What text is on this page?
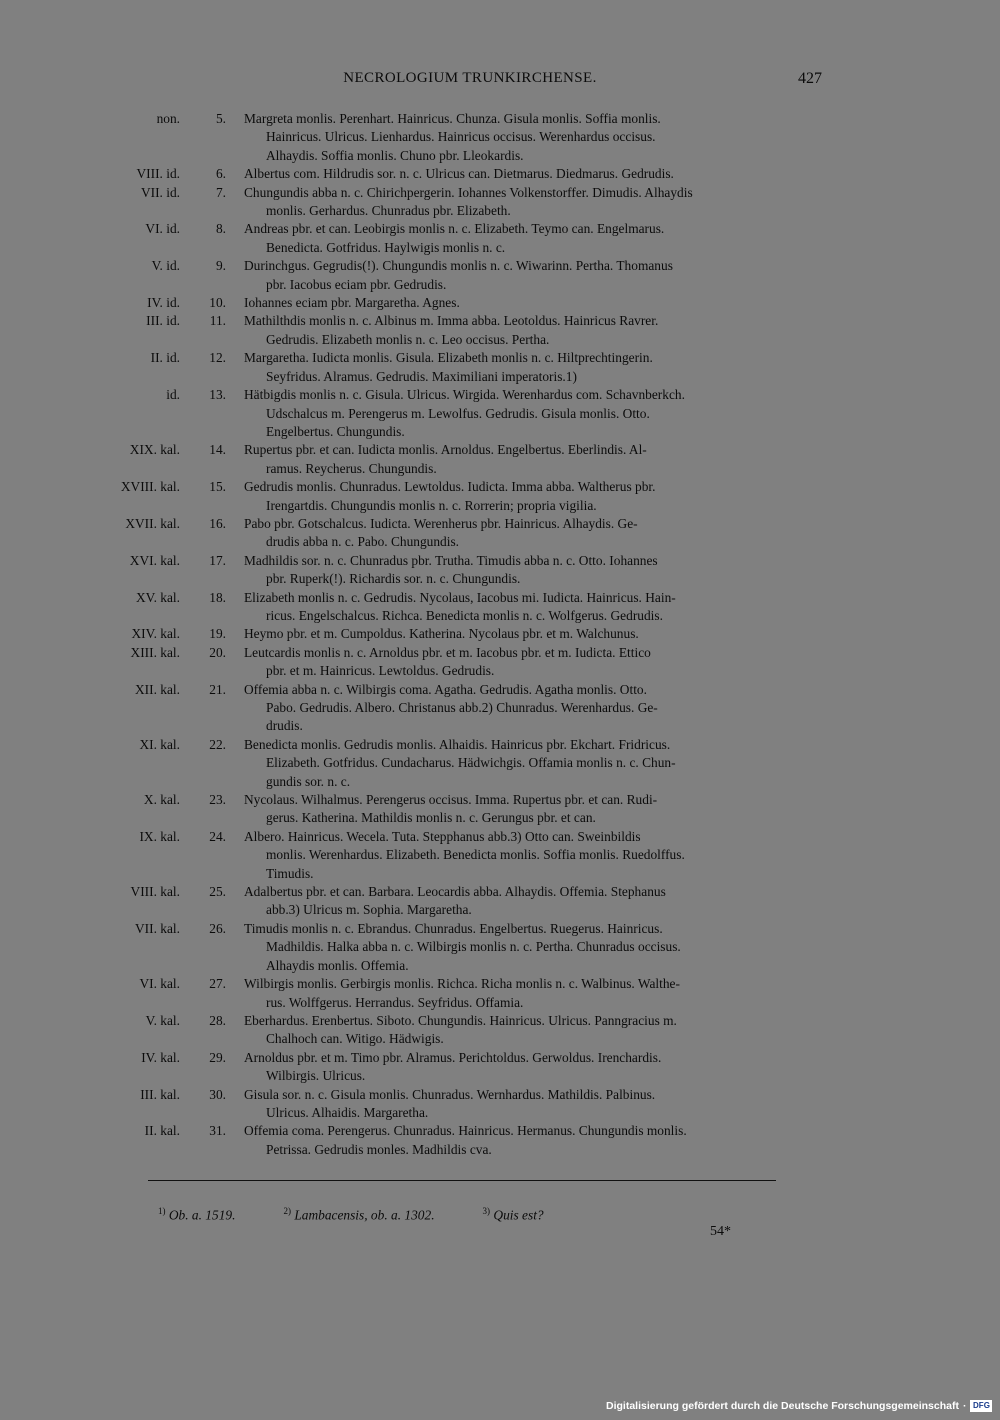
NECROLOGIUM TRUNKIRCHENSE.	427
non.	5. Margreta monlis. Perenhart. Hainricus. Chunza. Gisula monlis. Soffia monlis.
Hainricus. Ulricus. Lienhardus. Hainricus occisus. Werenhardus occisus.
Alhaydis. Soffia monlis. Chuno pbr. Lleokardis.
VIII. id.	6. Albertus com. Hildrudis sor. n. c. Ulricus can. Dietmarus. Diedmarus. Gedrudis.
VII. id.	7. Chungundis abba n. c. Chirichpergerin. Iohannes Volkenstorffer. Dimudis. Alhaydis
monlis. Gerhardus. Chunradus pbr. Elizabeth.
VI. id.	8. Andreas pbr. et can. Leobirgis monlis n. c. Elizabeth. Teymo can. Engelmarus.
Benedicta. Gotfridus. Haylwigis monlis n. c.
V. id.	9. Durinchgus. Gegrudis(!). Chungundis monlis n. c. Wiwarinn. Pertha. Thomanus
pbr. Iacobus eciam pbr. Gedrudis.
IV. id.	10. Iohannes eciam pbr. Margaretha. Agnes.
III. id.	11. Mathilthdis monlis n. c. Albinus m. Imma abba. Leotoldus. Hainricus Ravrer.
Gedrudis. Elizabeth monlis n. c. Leo occisus. Pertha.
II. id.	12. Margaretha. Iudicta monlis. Gisula. Elizabeth monlis n. c. Hiltprechtingerin.
Seyfridus. Alramus. Gedrudis. Maximiliani imperatoris.1)
id.	13. Hätbigdis monlis n. c. Gisula. Ulricus. Wirgida. Werenhardus com. Schavnberkch.
Udschalcus m. Perengerus m. Lewolfus. Gedrudis. Gisula monlis. Otto.
Engelbertus. Chungundis.
XIX. kal.	14. Rupertus pbr. et can. Iudicta monlis. Arnoldus. Engelbertus. Eberlindis. Al-
ramus. Reycherus. Chungundis.
XVIII. kal.	15. Gedrudis monlis. Chunradus. Lewtoldus. Iudicta. Imma abba. Waltherus pbr.
Irengartdis. Chungundis monlis n. c. Rorrerin; propria vigilia.
XVII. kal.	16. Pabo pbr. Gotschalcus. Iudicta. Werenherus pbr. Hainricus. Alhaydis. Ge-
drudis abba n. c. Pabo. Chungundis.
XVI. kal.	17. Madhildis sor. n. c. Chunradus pbr. Trutha. Timudis abba n. c. Otto. Iohannes
pbr. Ruperk(!). Richardis sor. n. c. Chungundis.
XV. kal.	18. Elizabeth monlis n. c. Gedrudis. Nycolaus, Iacobus mi. Iudicta. Hainricus. Hain-
ricus. Engelschalcus. Richca. Benedicta monlis n. c. Wolfgerus. Gedrudis.
XIV. kal.	19. Heymo pbr. et m. Cumpoldus. Katherina. Nycolaus pbr. et m. Walchunus.
XIII. kal.	20. Leutcardis monlis n. c. Arnoldus pbr. et m. Iacobus pbr. et m. Iudicta. Ettico
pbr. et m. Hainricus. Lewtoldus. Gedrudis.
XII. kal.	21. Offemia abba n. c. Wilbirgis coma. Agatha. Gedrudis. Agatha monlis. Otto.
Pabo. Gedrudis. Albero. Christanus abb.2) Chunradus. Werenhardus. Ge-
drudis.
XI. kal.	22. Benedicta monlis. Gedrudis monlis. Alhaidis. Hainricus pbr. Ekchart. Fridricus.
Elizabeth. Gotfridus. Cundacharus. Hädwichgis. Offamia monlis n. c. Chun-
gundis sor. n. c.
X. kal.	23. Nycolaus. Wilhalmus. Perengerus occisus. Imma. Rupertus pbr. et can. Rudi-
gerus. Katherina. Mathildis monlis n. c. Gerungus pbr. et can.
IX. kal.	24. Albero. Hainricus. Wecela. Tuta. Stepphanus abb.3) Otto can. Sweinbildis
monlis. Werenhardus. Elizabeth. Benedicta monlis. Soffia monlis. Ruedolffus.
Timudis.
VIII. kal.	25. Adalbertus pbr. et can. Barbara. Leocardis abba. Alhaydis. Offemia. Stephanus
abb.3) Ulricus m. Sophia. Margaretha.
VII. kal.	26. Timudis monlis n. c. Ebrandus. Chunradus. Engelbertus. Ruegerus. Hainricus.
Madhildis. Halka abba n. c. Wilbirgis monlis n. c. Pertha. Chunradus occisus.
Alhaydis monlis. Offemia.
VI. kal.	27. Wilbirgis monlis. Gerbirgis monlis. Richca. Richa monlis n. c. Walbinus. Walthe-
rus. Wolffgerus. Herrandus. Seyfridus. Offamia.
V. kal.	28. Eberhardus. Erenbertus. Siboto. Chungundis. Hainricus. Ulricus. Panngracius m.
Chalhoch can. Witigo. Hädwigis.
IV. kal.	29. Arnoldus pbr. et m. Timo pbr. Alramus. Perichtoldus. Gerwoldus. Irenchardis.
Wilbirgis. Ulricus.
III. kal.	30. Gisula sor. n. c. Gisula monlis. Chunradus. Wernhardus. Mathildis. Palbinus.
Ulricus. Alhaidis. Margaretha.
II. kal.	31. Offemia coma. Perengerus. Chunradus. Hainricus. Hermanus. Chungundis monlis.
Petrissa. Gedrudis monles. Madhildis cva.
$^{1)}$ Ob. a. 1519.	$^{2)}$ Lambacensis, ob. a. 1302.	$^{3)}$ Quis est?
54*
Digitalisierung gefördert durch die Deutsche Forschungsgemeinschaft · DFG
